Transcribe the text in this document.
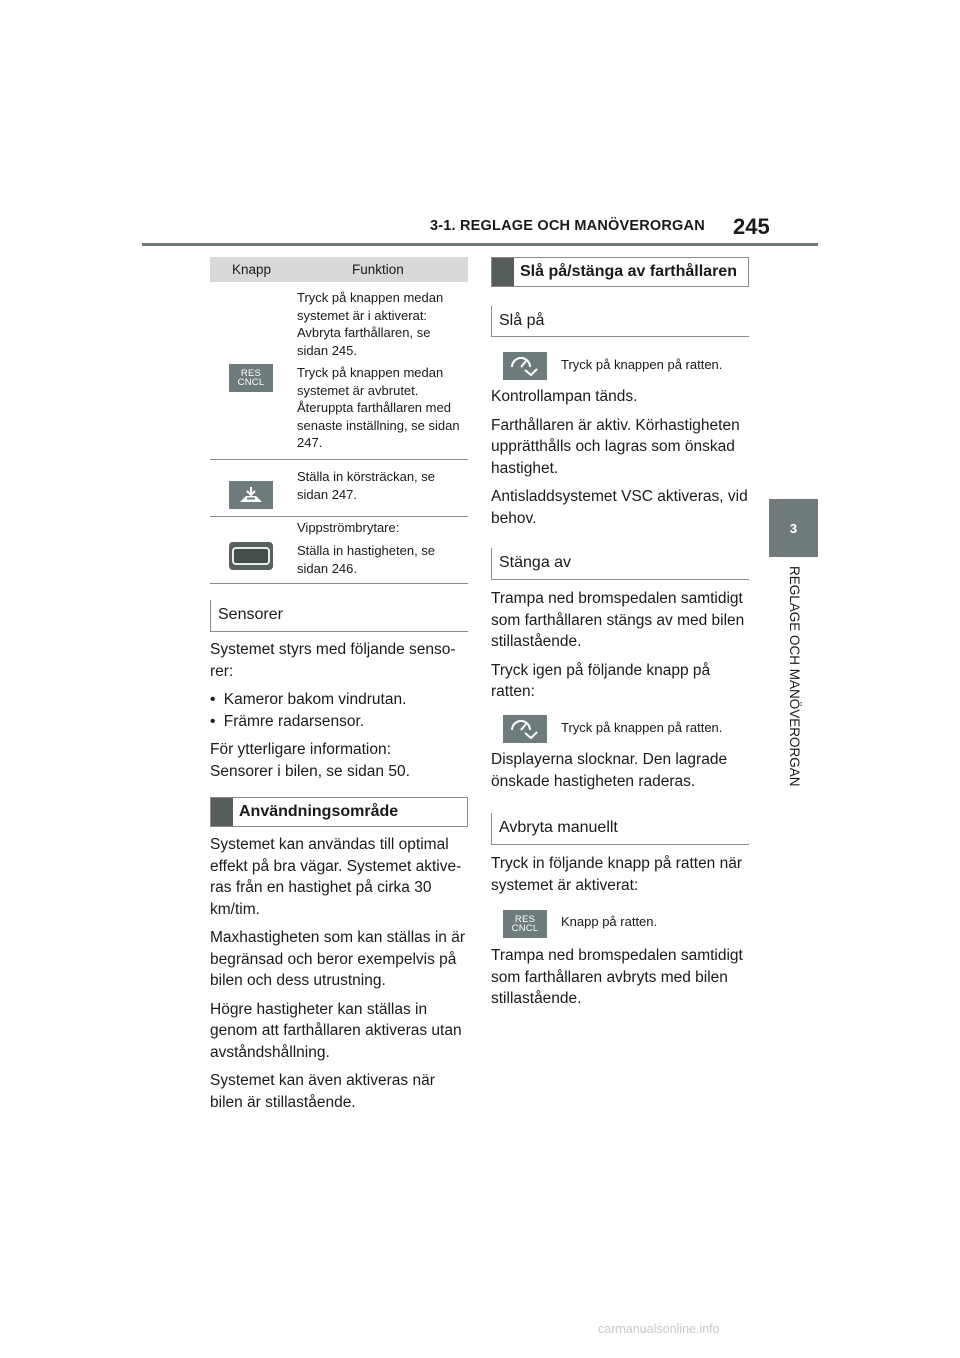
3-1. REGLAGE OCH MANÖVERORGAN 245
3
REGLAGE OCH MANÖVERORGAN
Knapp	Funktion
RES
CNCL
Tryck på knappen medan systemet är i aktiverat: Avbryta farthållaren, se sidan 245.
Tryck på knappen medan systemet är avbrutet. Återuppta farthållaren med senaste inställning, se sidan 247.
Ställa in körsträckan, se sidan 247.
Vippströmbrytare:
Ställa in hastigheten, se sidan 246.
Sensorer

Systemet styrs med följande sensorer:

• Kameror bakom vindrutan.

• Främre radarsensor.

För ytterligare information:

Sensorer i bilen, se sidan 50.

Användningsområde

Systemet kan användas till optimal effekt på bra vägar. Systemet aktiveras från en hastighet på cirka 30 km/tim.

Maxhastigheten som kan ställas in är begränsad och beror exempelvis på bilen och dess utrustning.

Högre hastigheter kan ställas in genom att farthållaren aktiveras utan avståndshållning.

Systemet kan även aktiveras när bilen är stillastående.

Slå på/stänga av farthållaren
Slå på
Tryck på knappen på ratten.

Kontrollampan tänds.

Farthållaren är aktiv. Körhastigheten upprätthålls och lagras som önskad hastighet.

Antisladdsystemet VSC aktiveras, vid behov.

Stänga av

Trampa ned bromspedalen samtidigt som farthållaren stängs av med bilen stillastående.

Tryck igen på följande knapp på ratten:

Tryck på knappen på ratten.
Displayerna slocknar. Den lagrade önskade hastigheten raderas.
Avbryta manuellt
Tryck in följande knapp på ratten när systemet är aktiverat:
RES
CNCL Knapp på ratten.
Trampa ned bromspedalen samtidigt som farthållaren avbryts med bilen stillastående.
carmanualsonline.info
